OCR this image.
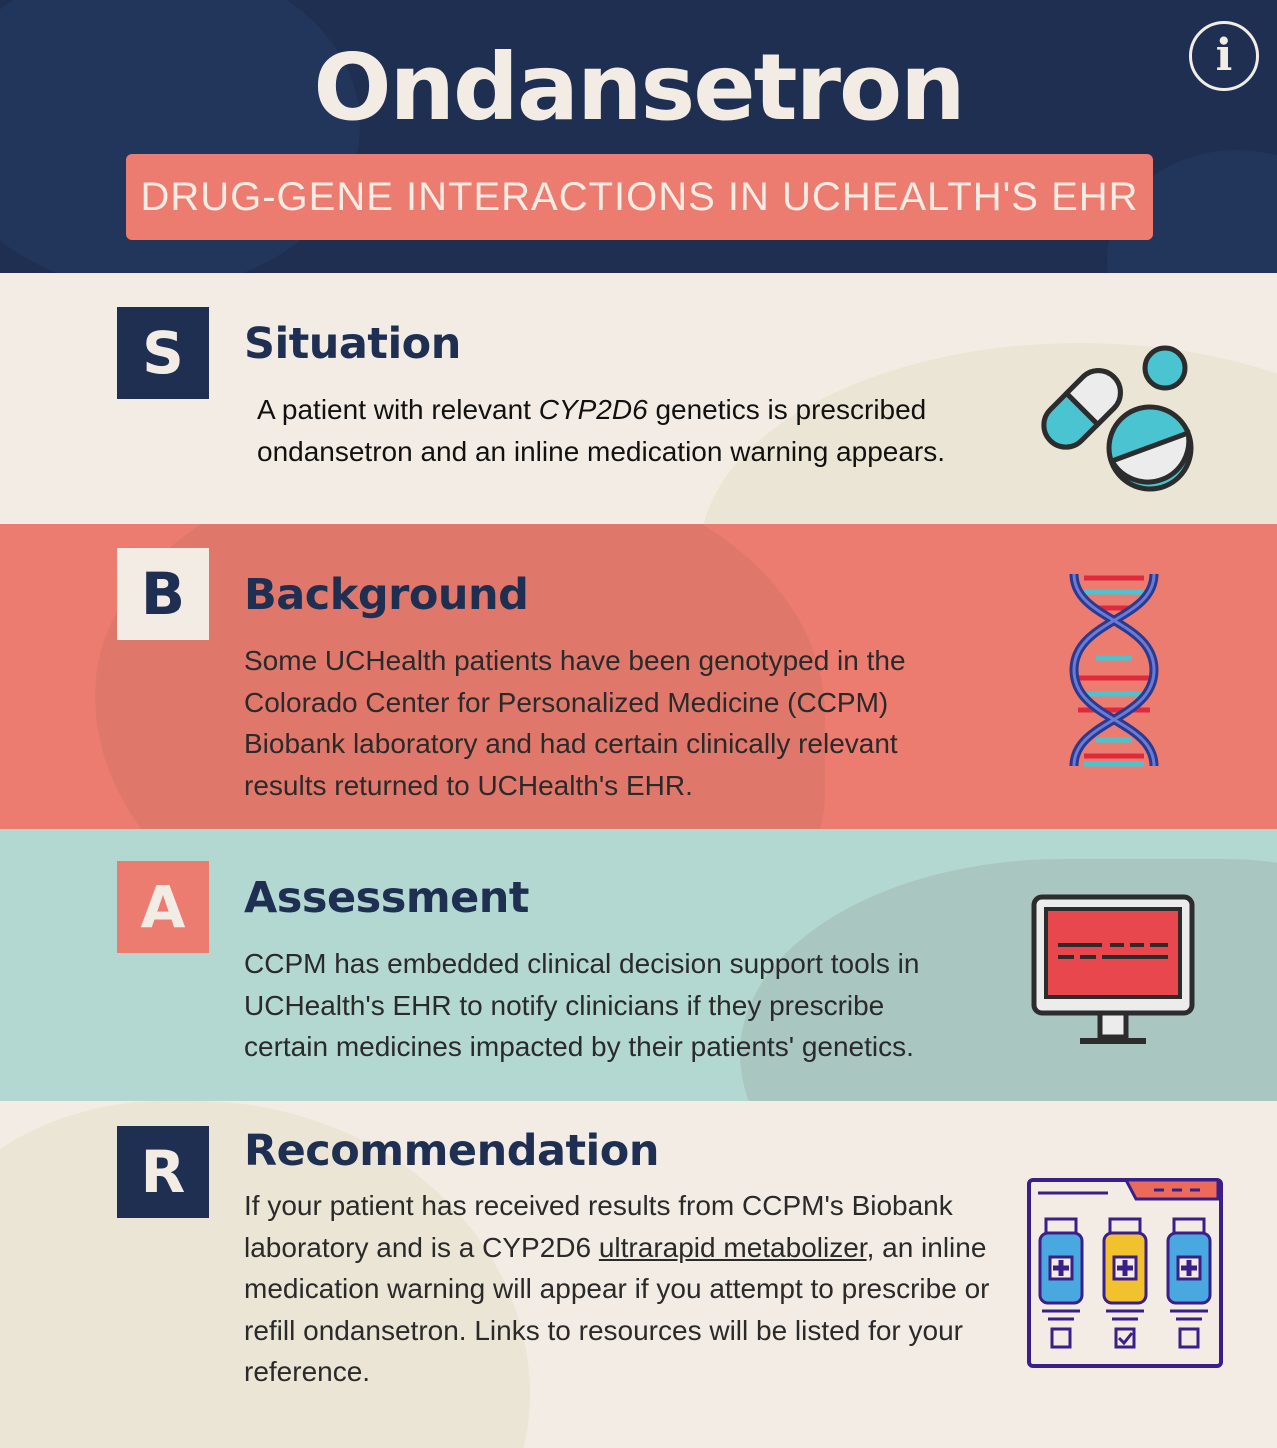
Ondansetron	i
DRUG-GENE INTERACTIONS IN UCHEALTH'S EHR
S	Situation
A patient with relevant CYP2D6 genetics is prescribed ondansetron and an inline medication warning appears.
B	Background
Some UCHealth patients have been genotyped in the Colorado Center for Personalized Medicine (CCPM) Biobank laboratory and had certain clinically relevant results returned to UCHealth's EHR.
A	Assessment
CCPM has embedded clinical decision support tools in UCHealth's EHR to notify clinicians if they prescribe certain medicines impacted by their patients' genetics.
R	Recommendation
If your patient has received results from CCPM's Biobank laboratory and is a CYP2D6 ultrarapid metabolizer, an inline medication warning will appear if you attempt to prescribe or refill ondansetron. Links to resources will be listed for your reference.
